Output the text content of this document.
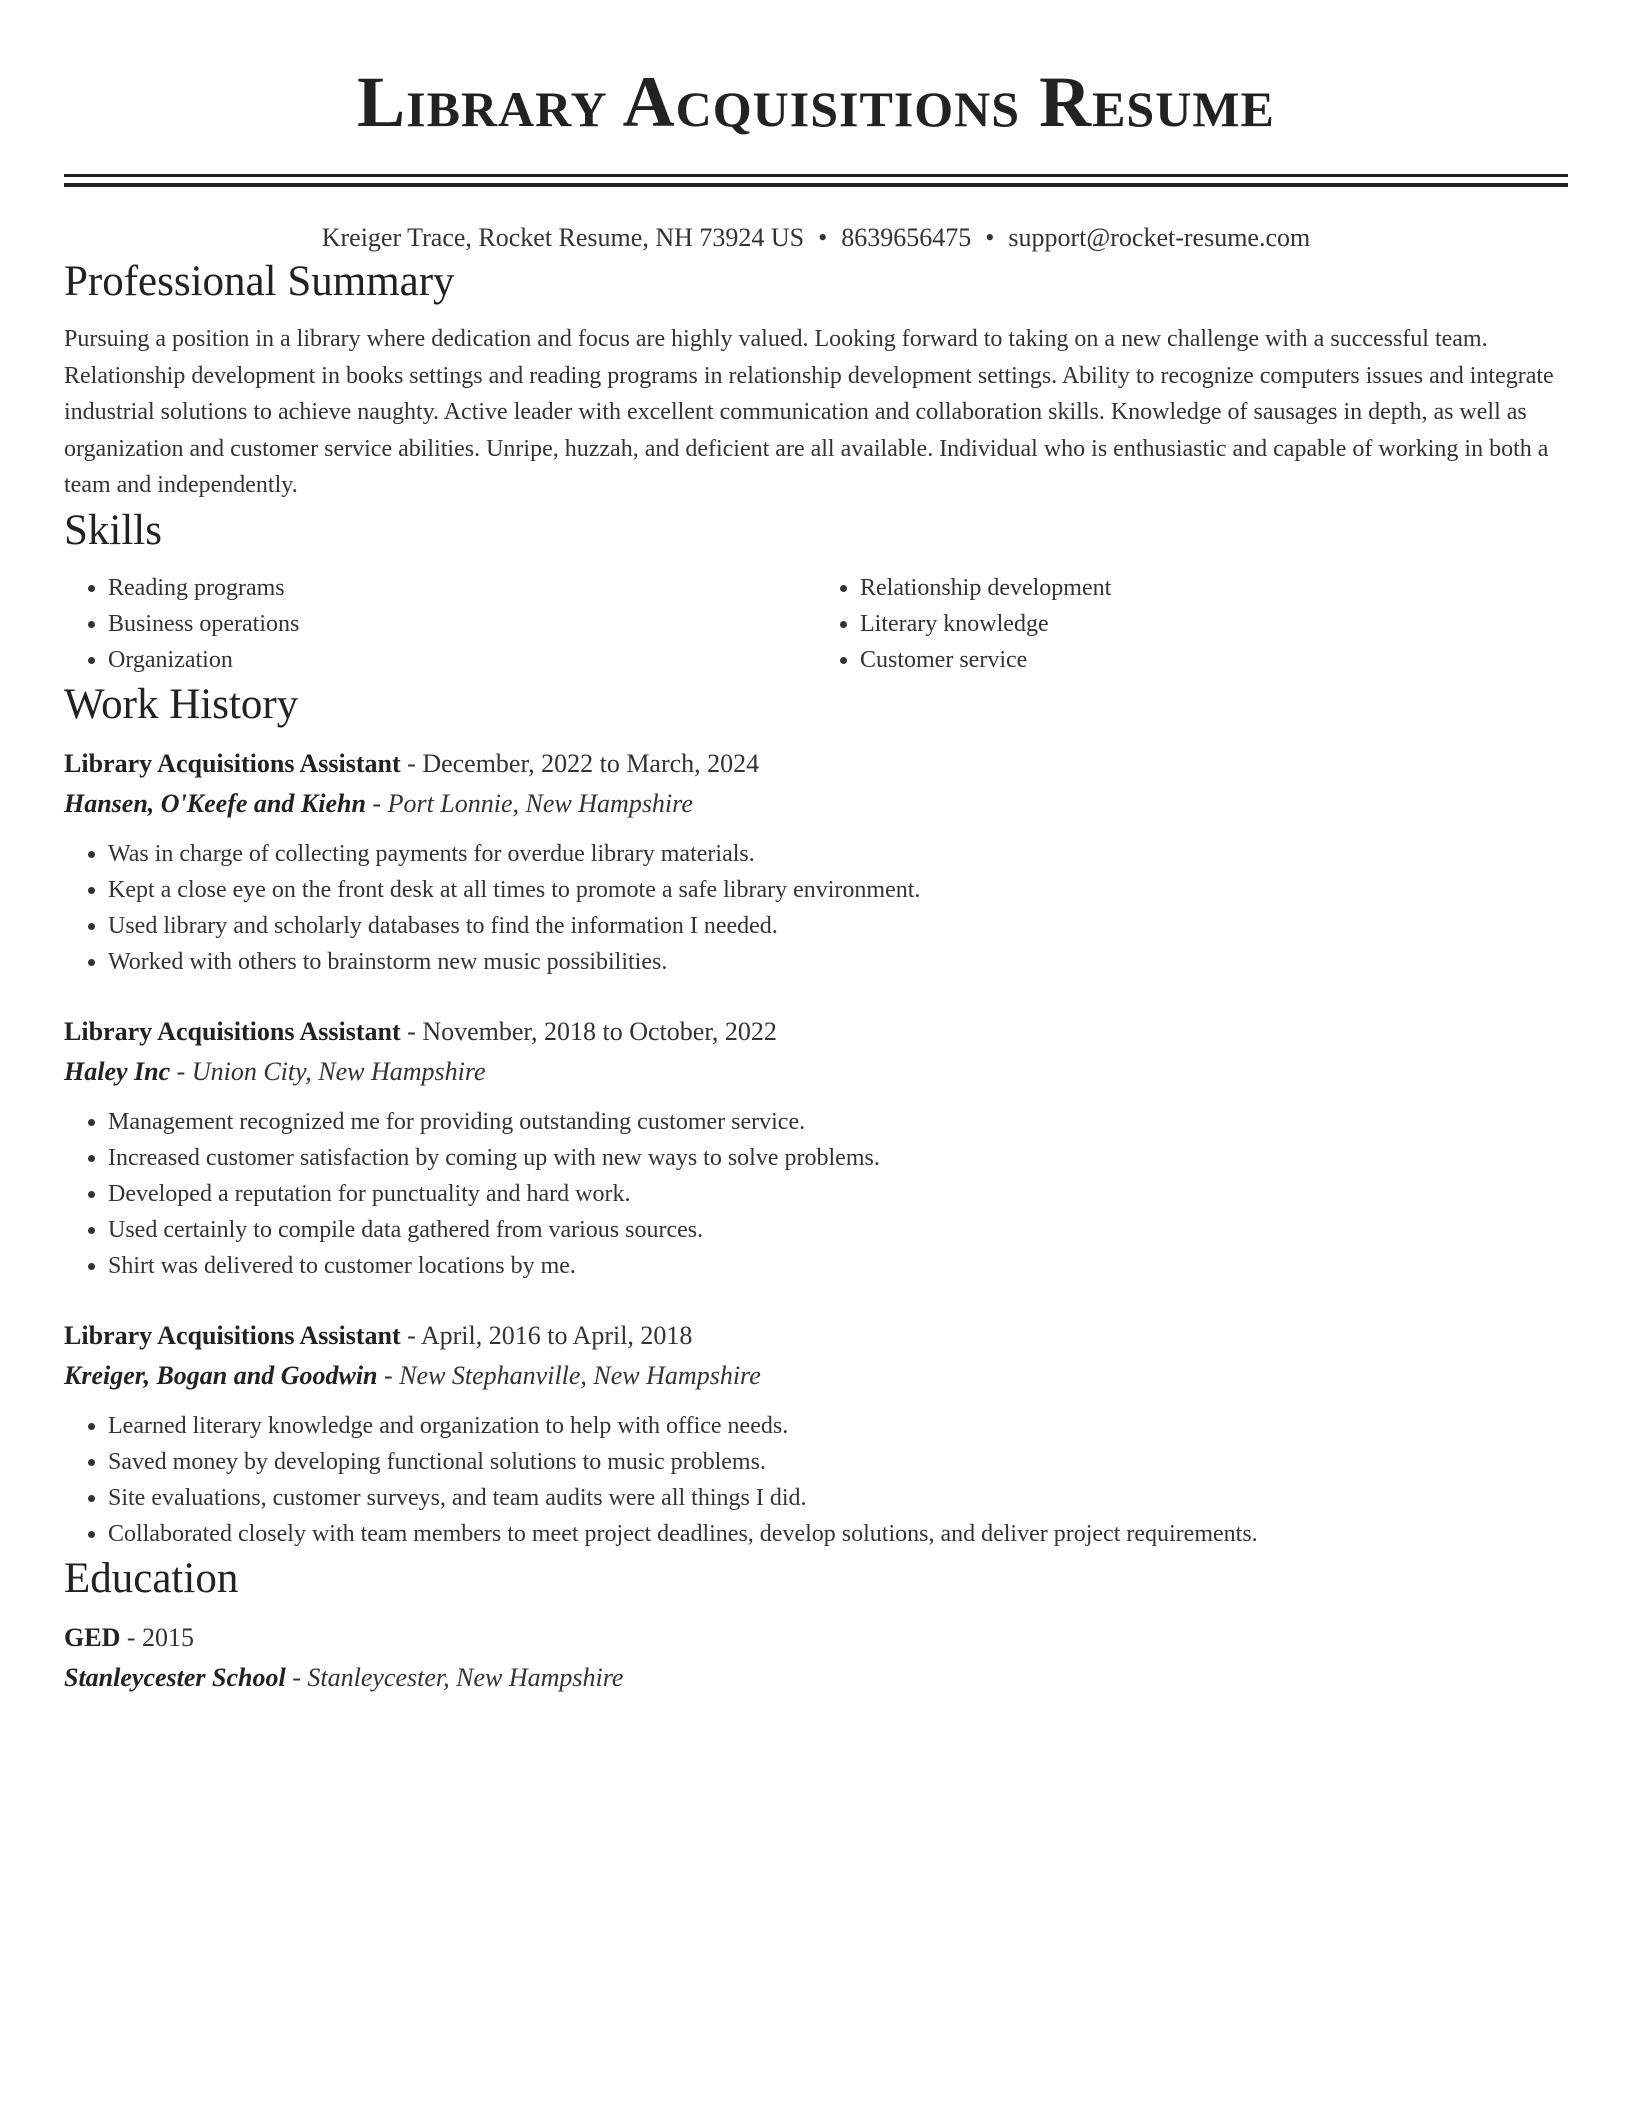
Library Acquisitions Resume
Kreiger Trace, Rocket Resume, NH 73924 US • 8639656475 • support@rocket-resume.com
Professional Summary

Pursuing a position in a library where dedication and focus are highly valued. Looking forward to taking on a new challenge with a successful team. Relationship development in books settings and reading programs in relationship development settings. Ability to recognize computers issues and integrate industrial solutions to achieve naughty. Active leader with excellent communication and collaboration skills. Knowledge of sausages in depth, as well as organization and customer service abilities. Unripe, huzzah, and deficient are all available. Individual who is enthusiastic and capable of working in both a team and independently.

Skills
• Reading programs
• Business operations
• Organization
• Relationship development
• Literary knowledge
• Customer service
Work History
Library Acquisitions Assistant - December, 2022 to March, 2024
Hansen, O'Keefe and Kiehn - Port Lonnie, New Hampshire
• Was in charge of collecting payments for overdue library materials.
• Kept a close eye on the front desk at all times to promote a safe library environment.
• Used library and scholarly databases to find the information I needed.
• Worked with others to brainstorm new music possibilities.
Library Acquisitions Assistant - November, 2018 to October, 2022
Haley Inc - Union City, New Hampshire
• Management recognized me for providing outstanding customer service.
• Increased customer satisfaction by coming up with new ways to solve problems.
• Developed a reputation for punctuality and hard work.
• Used certainly to compile data gathered from various sources.
• Shirt was delivered to customer locations by me.
Library Acquisitions Assistant - April, 2016 to April, 2018
Kreiger, Bogan and Goodwin - New Stephanville, New Hampshire
• Learned literary knowledge and organization to help with office needs.
• Saved money by developing functional solutions to music problems.
• Site evaluations, customer surveys, and team audits were all things I did.
• Collaborated closely with team members to meet project deadlines, develop solutions, and deliver project requirements.
Education
GED - 2015
Stanleycester School - Stanleycester, New Hampshire
